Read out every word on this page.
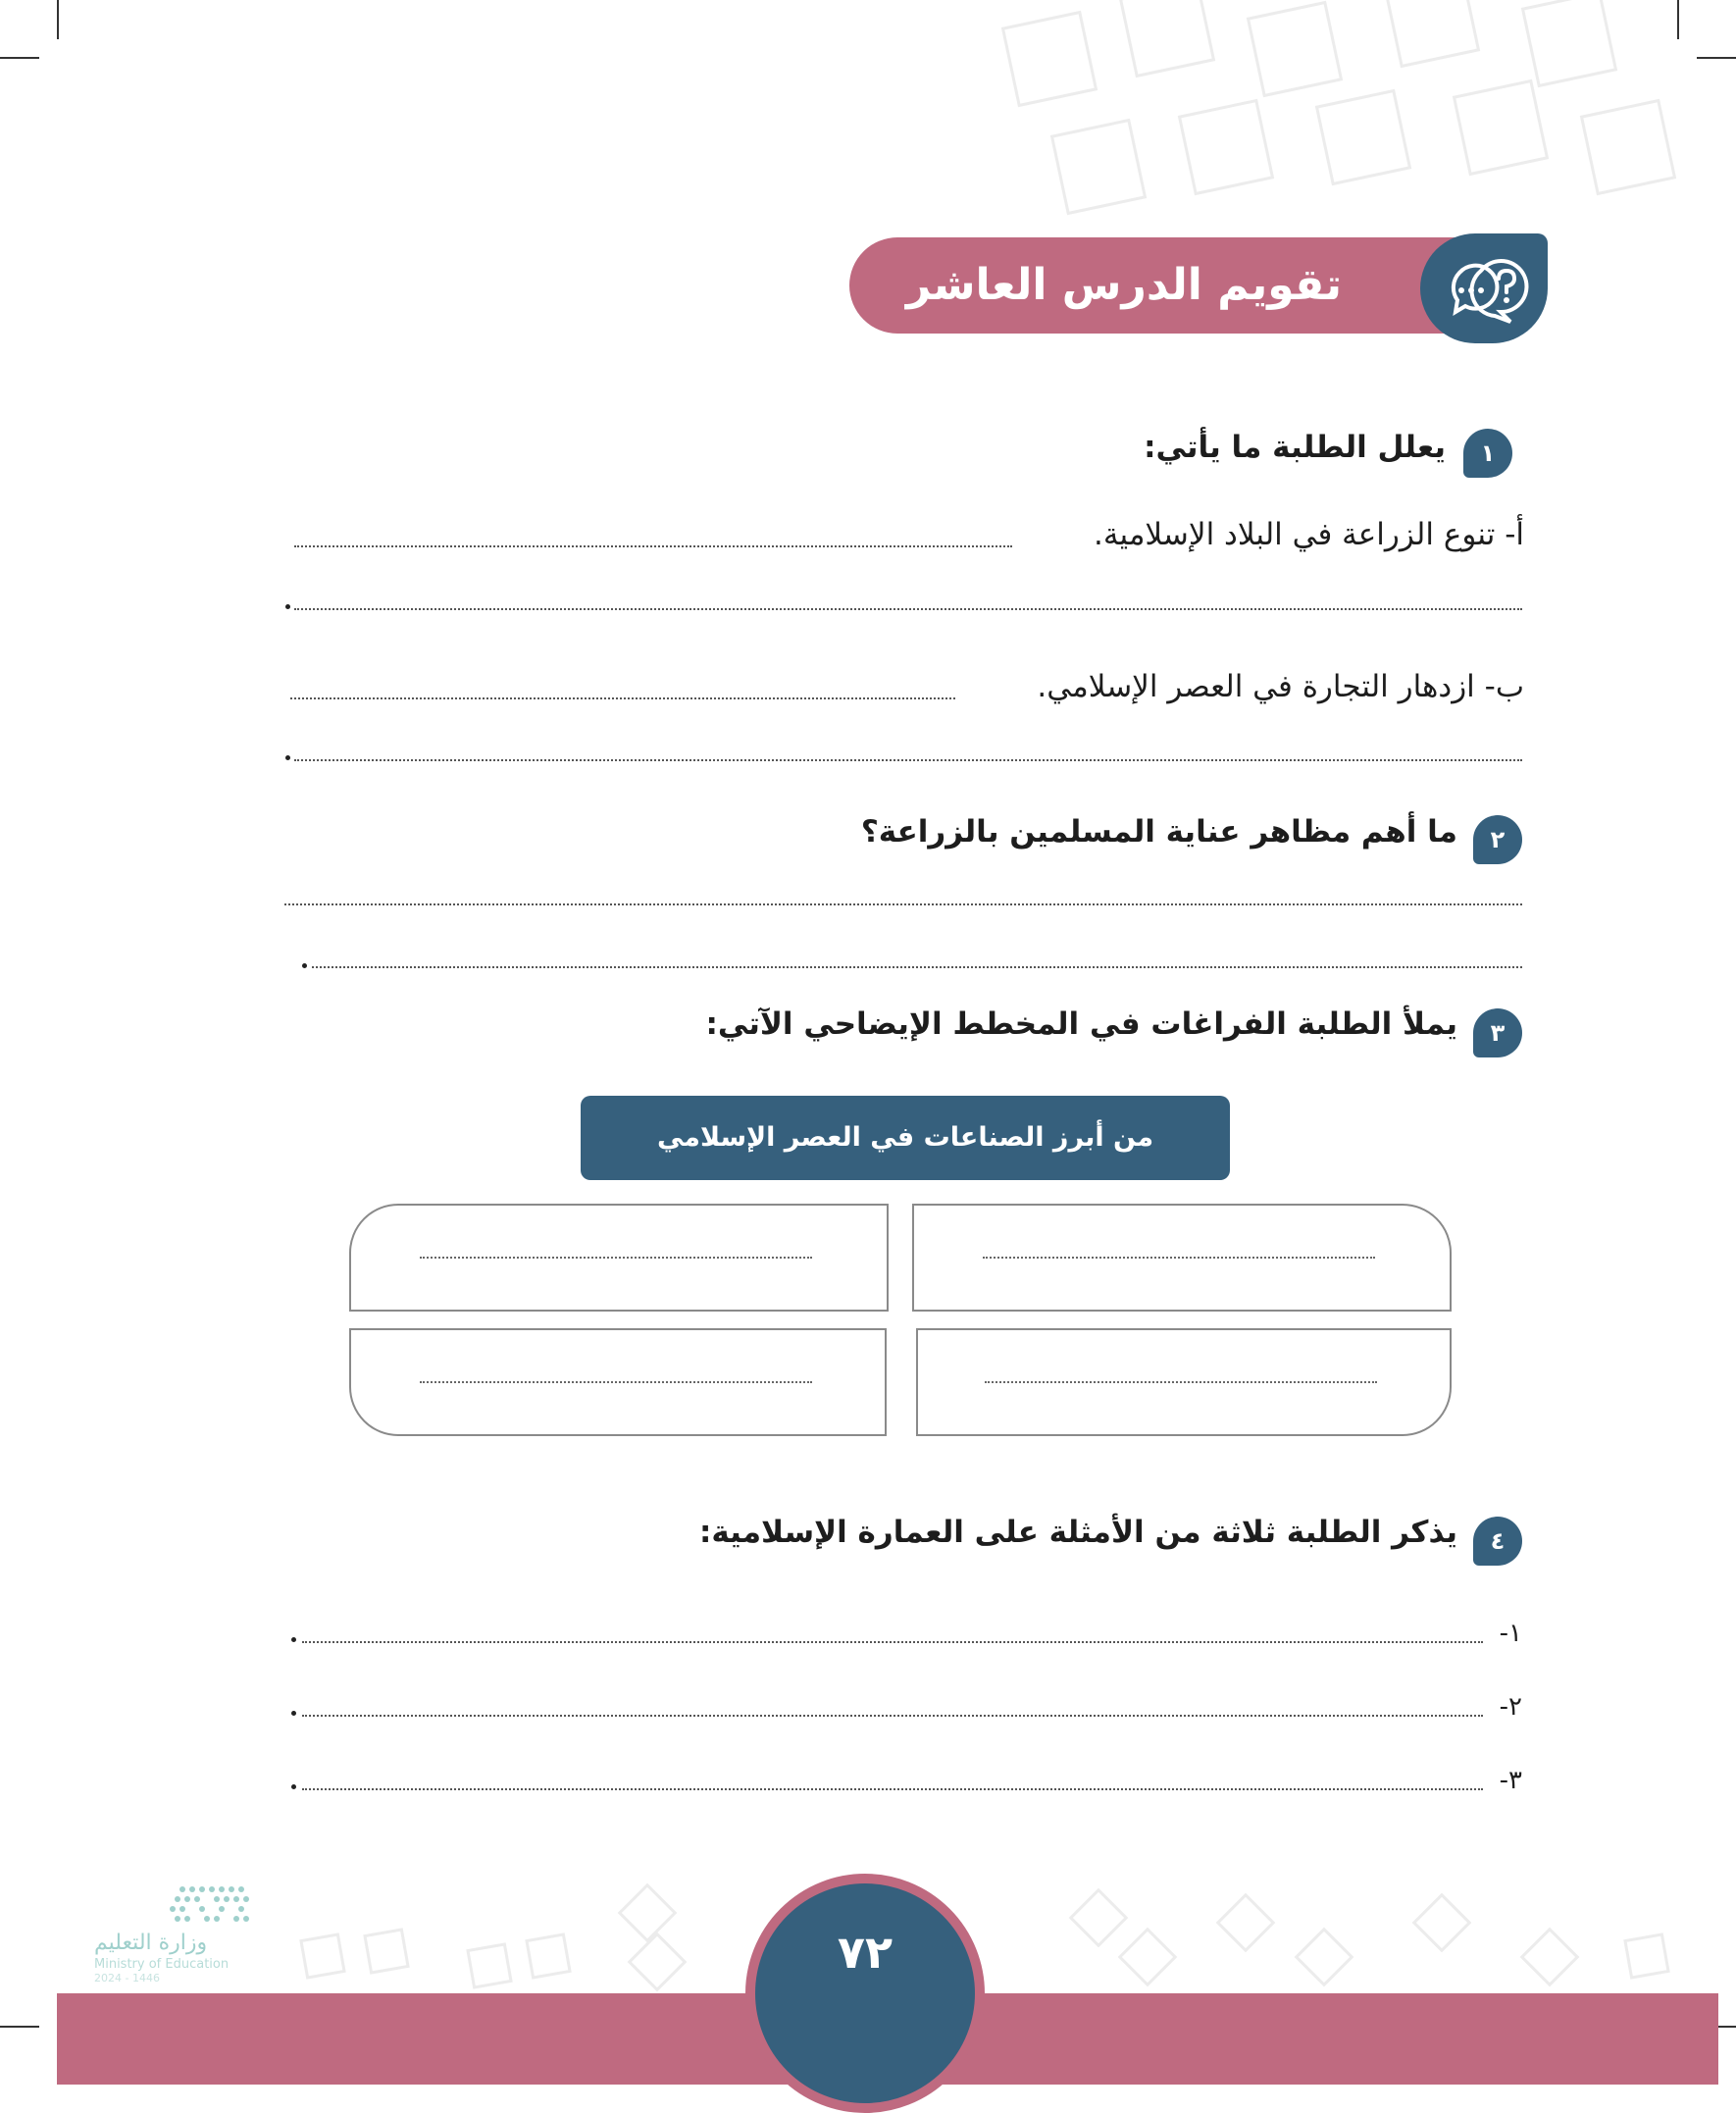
تقويم الدرس العاشر
١
يعلل الطلبة ما يأتي:
أ- تنوع الزراعة في البلاد الإسلامية.
ب- ازدهار التجارة في العصر الإسلامي.
٢
ما أهم مظاهر عناية المسلمين بالزراعة؟
٣
يملأ الطلبة الفراغات في المخطط الإيضاحي الآتي:
من أبرز الصناعات في العصر الإسلامي
٤
يذكر الطلبة ثلاثة من الأمثلة على العمارة الإسلامية:
١-
٢-
٣-
٧٢
وزارة التعليم
Ministry of Education
2024 - 1446
